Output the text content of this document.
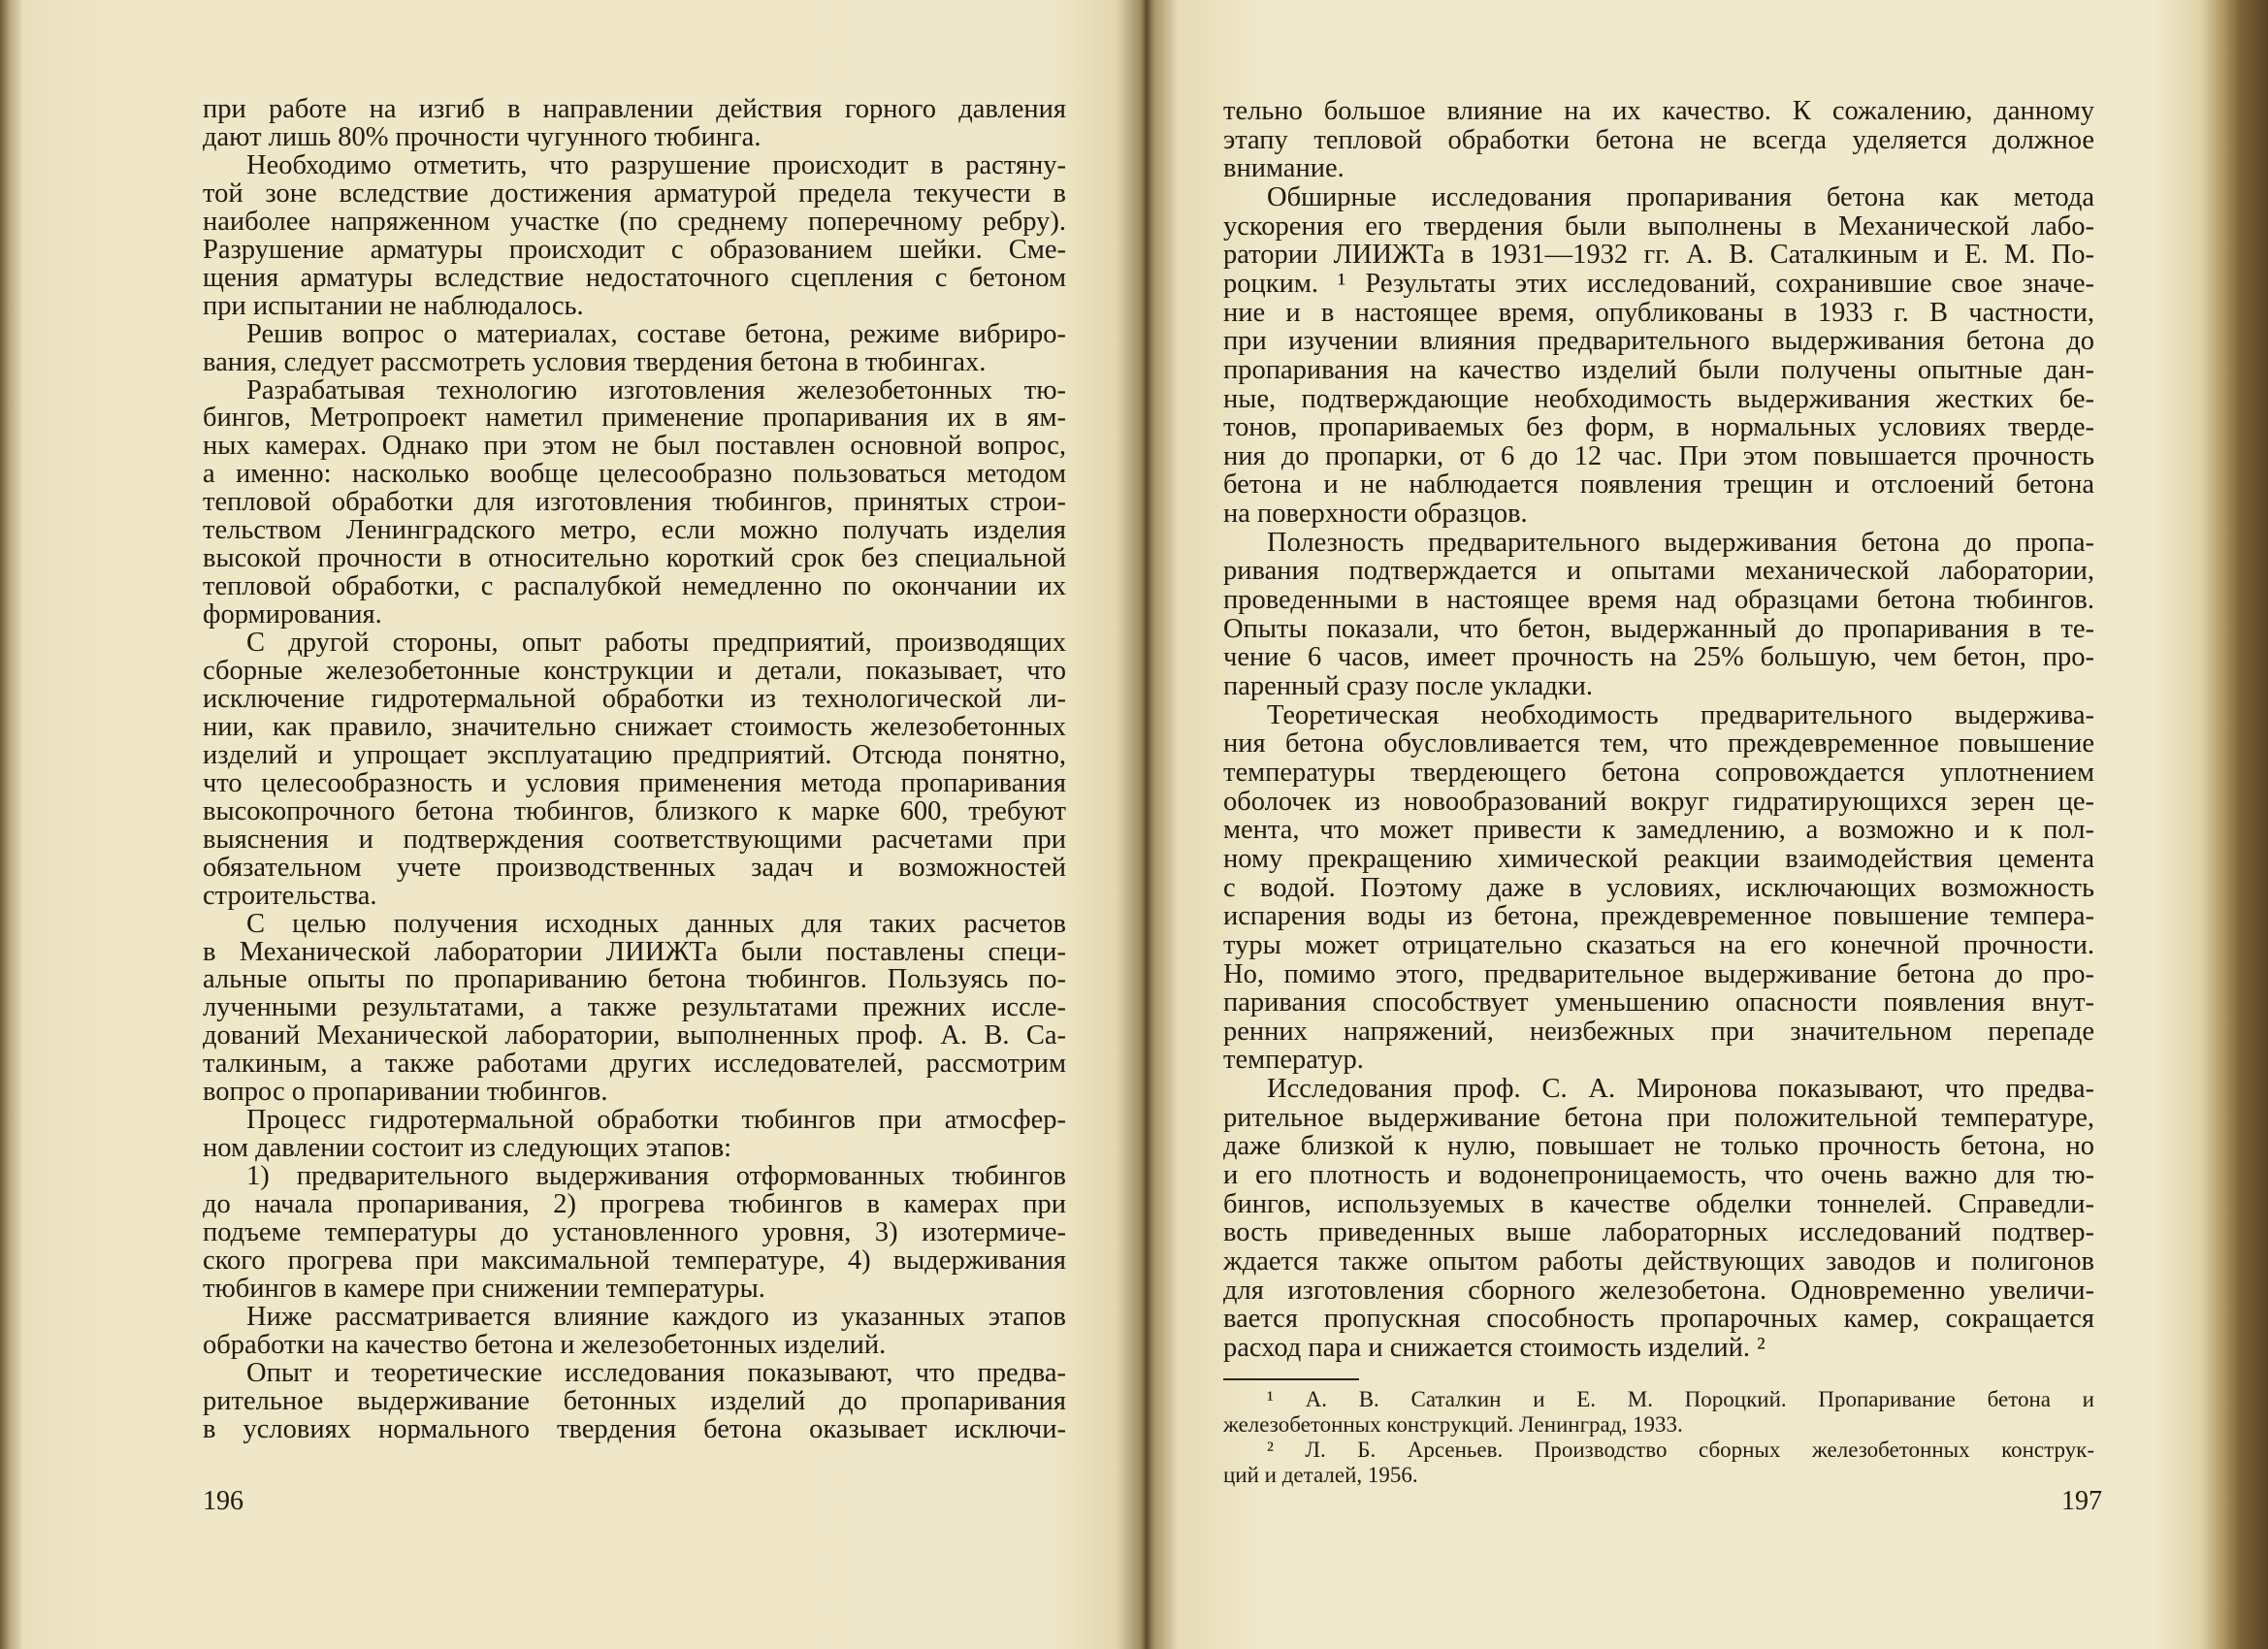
при работе на изгиб в направлении действия горного давления
дают лишь 80% прочности чугунного тюбинга.
Необходимо отметить, что разрушение происходит в растяну-
той зоне вследствие достижения арматурой предела текучести в
наиболее напряженном участке (по среднему поперечному ребру).
Разрушение арматуры происходит с образованием шейки. Сме-
щения арматуры вследствие недостаточного сцепления с бетоном
при испытании не наблюдалось.
Решив вопрос о материалах, составе бетона, режиме вибриро-
вания, следует рассмотреть условия твердения бетона в тюбингах.
Разрабатывая технологию изготовления железобетонных тю-
бингов, Метропроект наметил применение пропаривания их в ям-
ных камерах. Однако при этом не был поставлен основной вопрос,
а именно: насколько вообще целесообразно пользоваться методом
тепловой обработки для изготовления тюбингов, принятых строи-
тельством Ленинградского метро, если можно получать изделия
высокой прочности в относительно короткий срок без специальной
тепловой обработки, с распалубкой немедленно по окончании их
формирования.
С другой стороны, опыт работы предприятий, производящих
сборные железобетонные конструкции и детали, показывает, что
исключение гидротермальной обработки из технологической ли-
нии, как правило, значительно снижает стоимость железобетонных
изделий и упрощает эксплуатацию предприятий. Отсюда понятно,
что целесообразность и условия применения метода пропаривания
высокопрочного бетона тюбингов, близкого к марке 600, требуют
выяснения и подтверждения соответствующими расчетами при
обязательном учете производственных задач и возможностей
строительства.
С целью получения исходных данных для таких расчетов
в Механической лаборатории ЛИИЖТа были поставлены специ-
альные опыты по пропариванию бетона тюбингов. Пользуясь по-
лученными результатами, а также результатами прежних иссле-
дований Механической лаборатории, выполненных проф. А. В. Са-
талкиным, а также работами других исследователей, рассмотрим
вопрос о пропаривании тюбингов.
Процесс гидротермальной обработки тюбингов при атмосфер-
ном давлении состоит из следующих этапов:
1) предварительного выдерживания отформованных тюбингов
до начала пропаривания, 2) прогрева тюбингов в камерах при
подъеме температуры до установленного уровня, 3) изотермиче-
ского прогрева при максимальной температуре, 4) выдерживания
тюбингов в камере при снижении температуры.
Ниже рассматривается влияние каждого из указанных этапов
обработки на качество бетона и железобетонных изделий.
Опыт и теоретические исследования показывают, что предва-
рительное выдерживание бетонных изделий до пропаривания
в условиях нормального твердения бетона оказывает исключи-
тельно большое влияние на их качество. К сожалению, данному
этапу тепловой обработки бетона не всегда уделяется должное
внимание.
Обширные исследования пропаривания бетона как метода
ускорения его твердения были выполнены в Механической лабо-
ратории ЛИИЖТа в 1931—1932 гг. А. В. Саталкиным и Е. М. По-
роцким. ¹ Результаты этих исследований, сохранившие свое значе-
ние и в настоящее время, опубликованы в 1933 г. В частности,
при изучении влияния предварительного выдерживания бетона до
пропаривания на качество изделий были получены опытные дан-
ные, подтверждающие необходимость выдерживания жестких бе-
тонов, пропариваемых без форм, в нормальных условиях тверде-
ния до пропарки, от 6 до 12 час. При этом повышается прочность
бетона и не наблюдается появления трещин и отслоений бетона
на поверхности образцов.
Полезность предварительного выдерживания бетона до пропа-
ривания подтверждается и опытами механической лаборатории,
проведенными в настоящее время над образцами бетона тюбингов.
Опыты показали, что бетон, выдержанный до пропаривания в те-
чение 6 часов, имеет прочность на 25% большую, чем бетон, про-
паренный сразу после укладки.
Теоретическая необходимость предварительного выдержива-
ния бетона обусловливается тем, что преждевременное повышение
температуры твердеющего бетона сопровождается уплотнением
оболочек из новообразований вокруг гидратирующихся зерен це-
мента, что может привести к замедлению, а возможно и к пол-
ному прекращению химической реакции взаимодействия цемента
с водой. Поэтому даже в условиях, исключающих возможность
испарения воды из бетона, преждевременное повышение темпера-
туры может отрицательно сказаться на его конечной прочности.
Но, помимо этого, предварительное выдерживание бетона до про-
паривания способствует уменьшению опасности появления внут-
ренних напряжений, неизбежных при значительном перепаде
температур.
Исследования проф. С. А. Миронова показывают, что предва-
рительное выдерживание бетона при положительной температуре,
даже близкой к нулю, повышает не только прочность бетона, но
и его плотность и водонепроницаемость, что очень важно для тю-
бингов, используемых в качестве обделки тоннелей. Справедли-
вость приведенных выше лабораторных исследований подтвер-
ждается также опытом работы действующих заводов и полигонов
для изготовления сборного железобетона. Одновременно увеличи-
вается пропускная способность пропарочных камер, сокращается
расход пара и снижается стоимость изделий. ²
¹ А. В. Саталкин и Е. М. Пороцкий. Пропаривание бетона и
железобетонных конструкций. Ленинград, 1933.
² Л. Б. Арсеньев. Производство сборных железобетонных конструк-
ций и деталей, 1956.
196	197
